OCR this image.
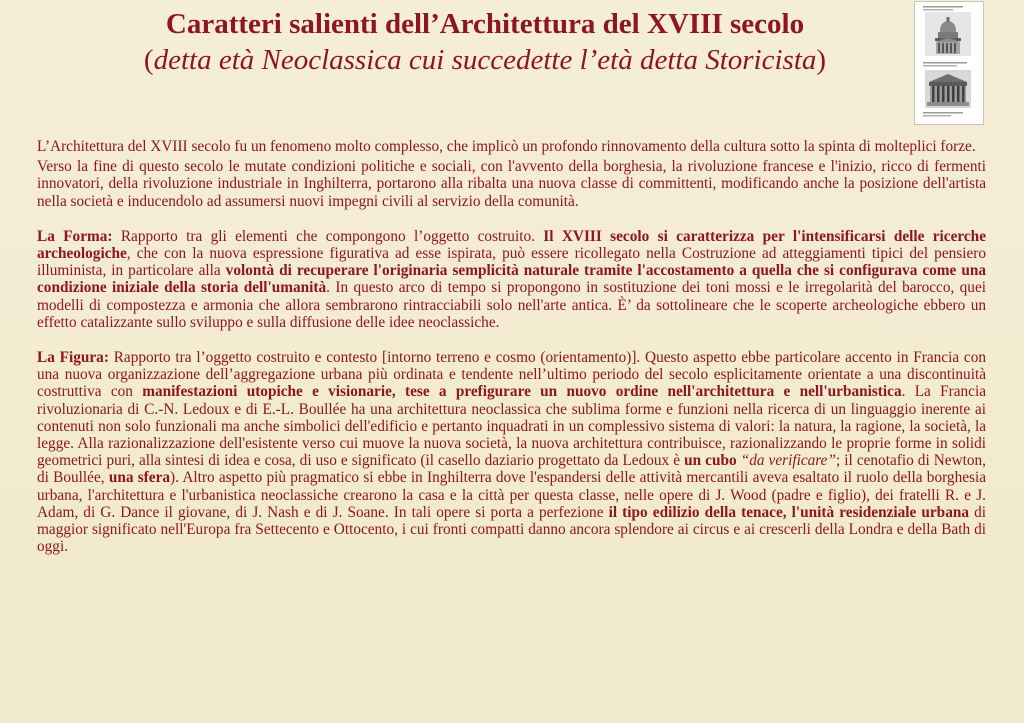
Caratteri salienti dell’Architettura del XVIII secolo
(detta età Neoclassica cui succedette l’età detta Storicista)

L’Architettura del XVIII secolo fu un fenomeno molto complesso, che implicò un profondo rinnovamento della cultura sotto la spinta di molteplici forze.

Verso la fine di questo secolo le mutate condizioni politiche e sociali, con l'avvento della borghesia, la rivoluzione francese e l'inizio, ricco di fermenti innovatori, della rivoluzione industriale in Inghilterra, portarono alla ribalta una nuova classe di committenti, modificando anche la posizione dell'artista nella società e inducendolo ad assumersi nuovi impegni civili al servizio della comunità.

La Forma: Rapporto tra gli elementi che compongono l’oggetto costruito. Il XVIII secolo si caratterizza per l'intensificarsi delle ricerche archeologiche, che con la nuova espressione figurativa ad esse ispirata, può essere ricollegato nella Costruzione ad atteggiamenti tipici del pensiero illuminista, in particolare alla volontà di recuperare l'originaria semplicità naturale tramite l'accostamento a quella che si configurava come una condizione iniziale della storia dell'umanità. In questo arco di tempo si propongono in sostituzione dei toni mossi e le irregolarità del barocco, quei modelli di compostezza e armonia che allora sembrarono rintracciabili solo nell'arte antica. È’ da sottolineare che le scoperte archeologiche ebbero un effetto catalizzante sullo sviluppo e sulla diffusione delle idee neoclassiche.

La Figura: Rapporto tra l’oggetto costruito e contesto [intorno terreno e cosmo (orientamento)]. Questo aspetto ebbe particolare accento in Francia con una nuova organizzazione dell’aggregazione urbana più ordinata e tendente nell’ultimo periodo del secolo esplicitamente orientate a una discontinuità costruttiva con manifestazioni utopiche e visionarie, tese a prefigurare un nuovo ordine nell'architettura e nell'urbanistica. La Francia rivoluzionaria di C.-N. Ledoux e di E.-L. Boullée ha una architettura neoclassica che sublima forme e funzioni nella ricerca di un linguaggio inerente ai contenuti non solo funzionali ma anche simbolici dell'edificio e pertanto inquadrati in un complessivo sistema di valori: la natura, la ragione, la società, la legge. Alla razionalizzazione dell'esistente verso cui muove la nuova società, la nuova architettura contribuisce, razionalizzando le proprie forme in solidi geometrici puri, alla sintesi di idea e cosa, di uso e significato (il casello daziario progettato da Ledoux è un cubo “da verificare”; il cenotafio di Newton, di Boullée, una sfera). Altro aspetto più pragmatico si ebbe in Inghilterra dove l'espandersi delle attività mercantili aveva esaltato il ruolo della borghesia urbana, l'architettura e l'urbanistica neoclassiche crearono la casa e la città per questa classe, nelle opere di J. Wood (padre e figlio), dei fratelli R. e J. Adam, di G. Dance il giovane, di J. Nash e di J. Soane. In tali opere si porta a perfezione il tipo edilizio della tenace, l'unità residenziale urbana di maggior significato nell'Europa fra Settecento e Ottocento, i cui fronti compatti danno ancora splendore ai circus e ai crescerli della Londra e della Bath di oggi.
